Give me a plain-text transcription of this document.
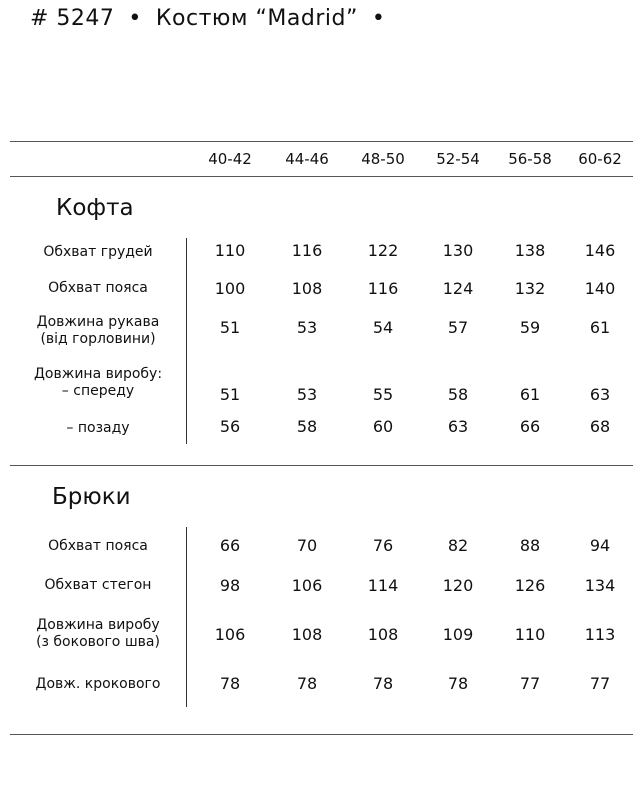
# 5247 • Костюм “Madrid” •
40-42	44-46	48-50	52-54	56-58	60-62
Кофта
Брюки
Обхват грудей	110	116	122	130	138	146
Обхват пояса	100	108	116	124	132	140
Довжина рукава
(від горловини)
51	53	54	57	59	61
Довжина виробу:
– спереду	51	53	55	58	61	63
– позаду	56	58	60	63	66	68
Обхват пояса	66	70	76	82	88	94
Обхват стегон	98	106	114	120	126	134
Довжина виробу
(з бокового шва)	106	108	108	109	110	113
Довж. крокового	78	78	78	78	77	77
